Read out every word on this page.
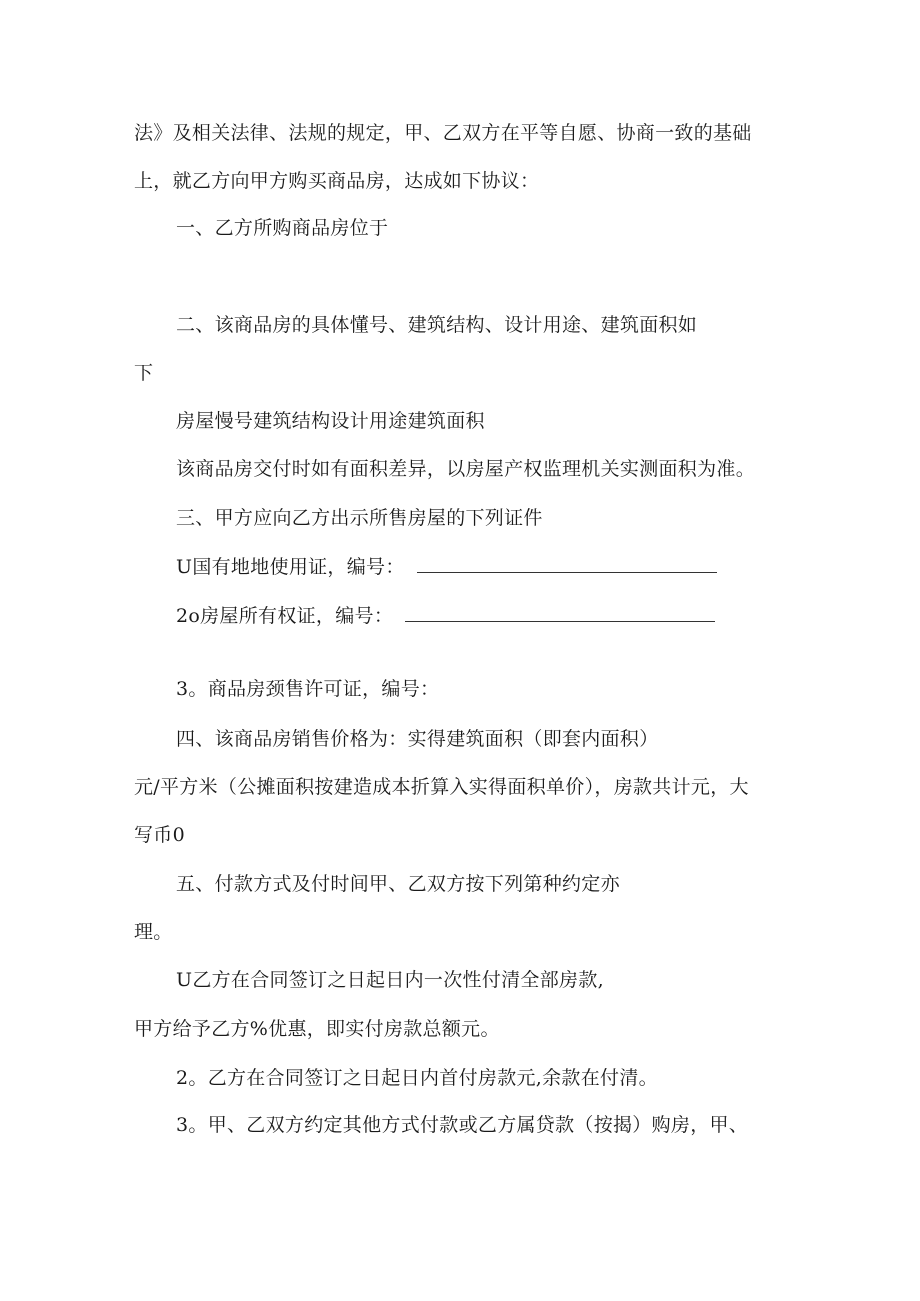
法》及相关法律、法规的规定，甲、乙双方在平等自愿、协商一致的基础
上，就乙方向甲方购买商品房，达成如下协议：
一、乙方所购商品房位于
二、该商品房的具体懂号、建筑结构、设计用途、建筑面积如
下
房屋慢号建筑结构设计用途建筑面积
该商品房交付时如有面积差异，以房屋产权监理机关实测面积为准。
三、甲方应向乙方出示所售房屋的下列证件
U国有地地使用证，编号：
2o房屋所有权证，编号：
3。商品房颈售许可证，编号：
四、该商品房销售价格为：实得建筑面积（即套内面积）
元/平方米（公摊面积按建造成本折算入实得面积单价），房款共计元，大
写币0
五、付款方式及付时间甲、乙双方按下列第种约定亦
理。
U乙方在合同签订之日起日内一次性付清全部房款,
甲方给予乙方%优惠，即实付房款总额元。
2。乙方在合同签订之日起日内首付房款元,余款在付清。
3。甲、乙双方约定其他方式付款或乙方属贷款（按揭）购房，甲、
